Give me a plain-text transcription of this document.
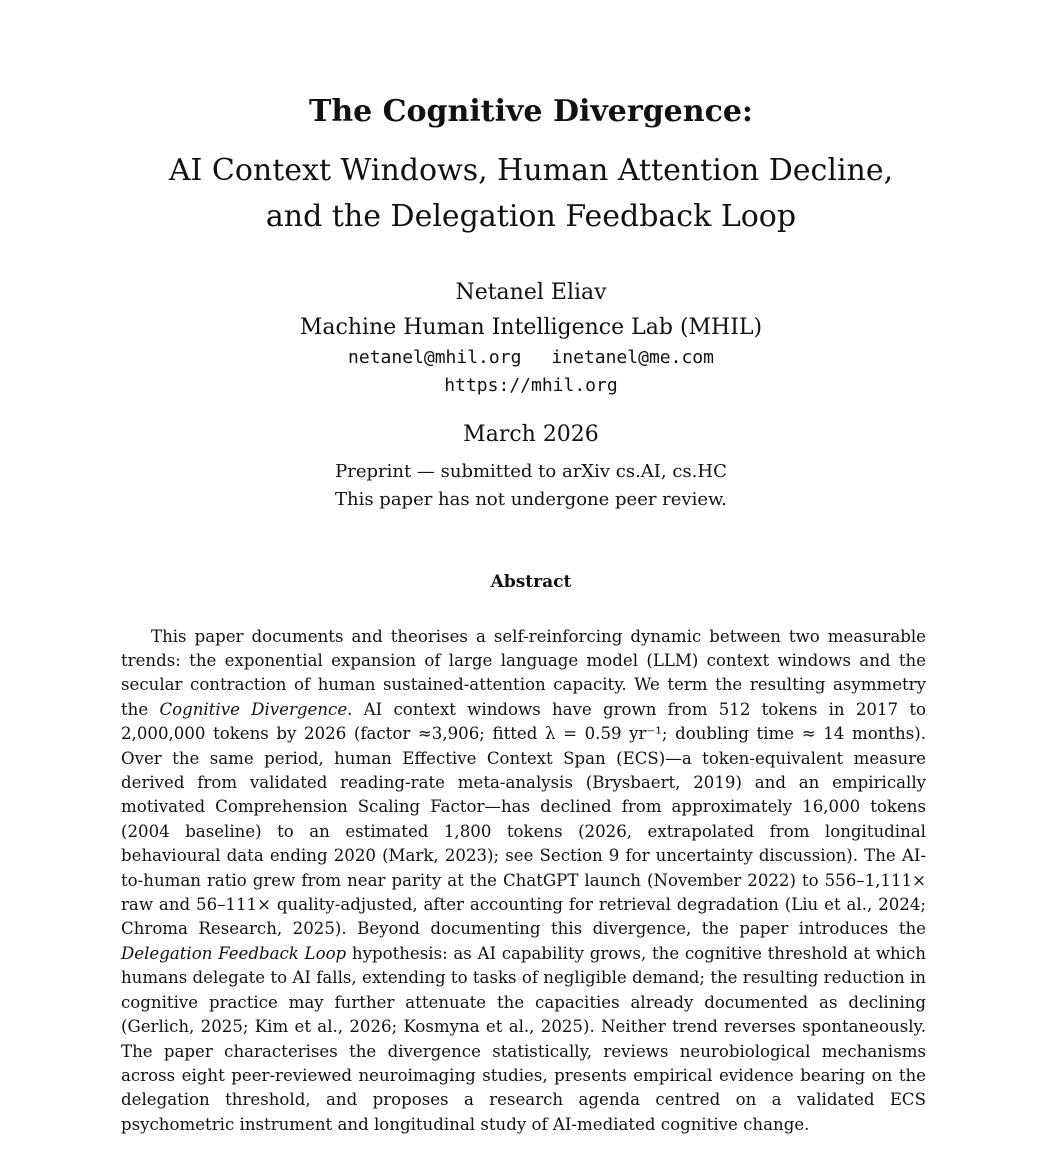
The Cognitive Divergence:
AI Context Windows, Human Attention Decline,
and the Delegation Feedback Loop
Netanel Eliav
Machine Human Intelligence Lab (MHIL)
netanel@mhil.org inetanel@me.com
https://mhil.org
March 2026
Preprint — submitted to arXiv cs.AI, cs.HC
This paper has not undergone peer review.
Abstract

This paper documents and theorises a self-reinforcing dynamic between two measurable trends: the exponential expansion of large language model (LLM) context windows and the secular contraction of human sustained-attention capacity. We term the resulting asymmetry the Cognitive Divergence. AI context windows have grown from 512 tokens in 2017 to 2,000,000 tokens by 2026 (factor ≈3,906; fitted λ = 0.59 yr⁻¹; doubling time ≈ 14 months). Over the same period, human Effective Context Span (ECS)—a token-equivalent measure derived from validated reading-rate meta-analysis (Brysbaert, 2019) and an empirically motivated Comprehension Scaling Factor—has declined from approximately 16,000 tokens (2004 baseline) to an estimated 1,800 tokens (2026, extrapolated from longitudinal behavioural data ending 2020 (Mark, 2023); see Section 9 for uncertainty discussion). The AI-to-human ratio grew from near parity at the ChatGPT launch (November 2022) to 556–1,111× raw and 56–111× quality-adjusted, after accounting for retrieval degradation (Liu et al., 2024; Chroma Research, 2025). Beyond documenting this divergence, the paper introduces the Delegation Feedback Loop hypothesis: as AI capability grows, the cognitive threshold at which humans delegate to AI falls, extending to tasks of negligible demand; the resulting reduction in cognitive practice may further attenuate the capacities already documented as declining (Gerlich, 2025; Kim et al., 2026; Kosmyna et al., 2025). Neither trend reverses spontaneously. The paper characterises the divergence statistically, reviews neurobiological mechanisms across eight peer-reviewed neuroimaging studies, presents empirical evidence bearing on the delegation threshold, and proposes a research agenda centred on a validated ECS psychometric instrument and longitudinal study of AI-mediated cognitive change.
